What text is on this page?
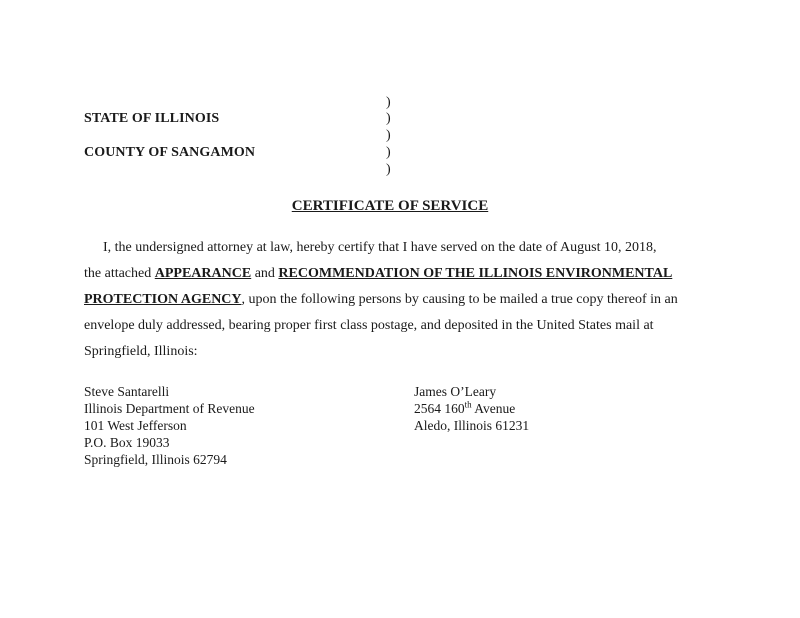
STATE OF ILLINOIS
COUNTY OF SANGAMON
)
)
)
)
)
CERTIFICATE OF SERVICE
I, the undersigned attorney at law, hereby certify that I have served on the date of August 10, 2018,
the attached APPEARANCE and RECOMMENDATION OF THE ILLINOIS ENVIRONMENTAL
PROTECTION AGENCY, upon the following persons by causing to be mailed a true copy thereof in an
envelope duly addressed, bearing proper first class postage, and deposited in the United States mail at
Springfield, Illinois:
Steve Santarelli
Illinois Department of Revenue
101 West Jefferson
P.O. Box 19033
Springfield, Illinois 62794
James O’Leary
2564 160th Avenue
Aledo, Illinois 61231
